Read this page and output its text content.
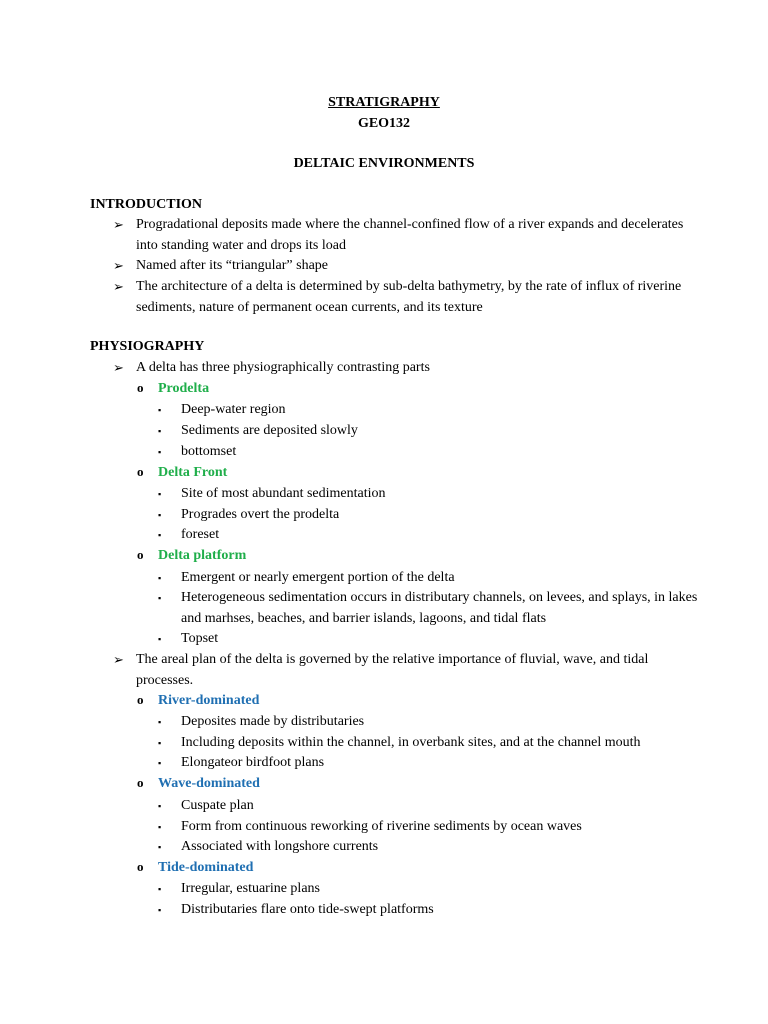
STRATIGRAPHY
GEO132
DELTAIC ENVIRONMENTS
INTRODUCTION
➢ Progradational deposits made where the channel-confined flow of a river expands and decelerates into standing water and drops its load
➢ Named after its “triangular” shape
➢ The architecture of a delta is determined by sub-delta bathymetry, by the rate of influx of riverine sediments, nature of permanent ocean currents, and its texture
PHYSIOGRAPHY
➢ A delta has three physiographically contrasting parts
o Prodelta
▪ Deep-water region
▪ Sediments are deposited slowly
▪ bottomset
o Delta Front
▪ Site of most abundant sedimentation
▪ Progrades overt the prodelta
▪ foreset
o Delta platform
▪ Emergent or nearly emergent portion of the delta
▪ Heterogeneous sedimentation occurs in distributary channels, on levees, and splays, in lakes and marhses, beaches, and barrier islands, lagoons, and tidal flats
▪ Topset
➢ The areal plan of the delta is governed by the relative importance of fluvial, wave, and tidal processes.
o River-dominated
▪ Deposites made by distributaries
▪ Including deposits within the channel, in overbank sites, and at the channel mouth
▪ Elongateor birdfoot plans
o Wave-dominated
▪ Cuspate plan
▪ Form from continuous reworking of riverine sediments by ocean waves
▪ Associated with longshore currents
o Tide-dominated
▪ Irregular, estuarine plans
▪ Distributaries flare onto tide-swept platforms
